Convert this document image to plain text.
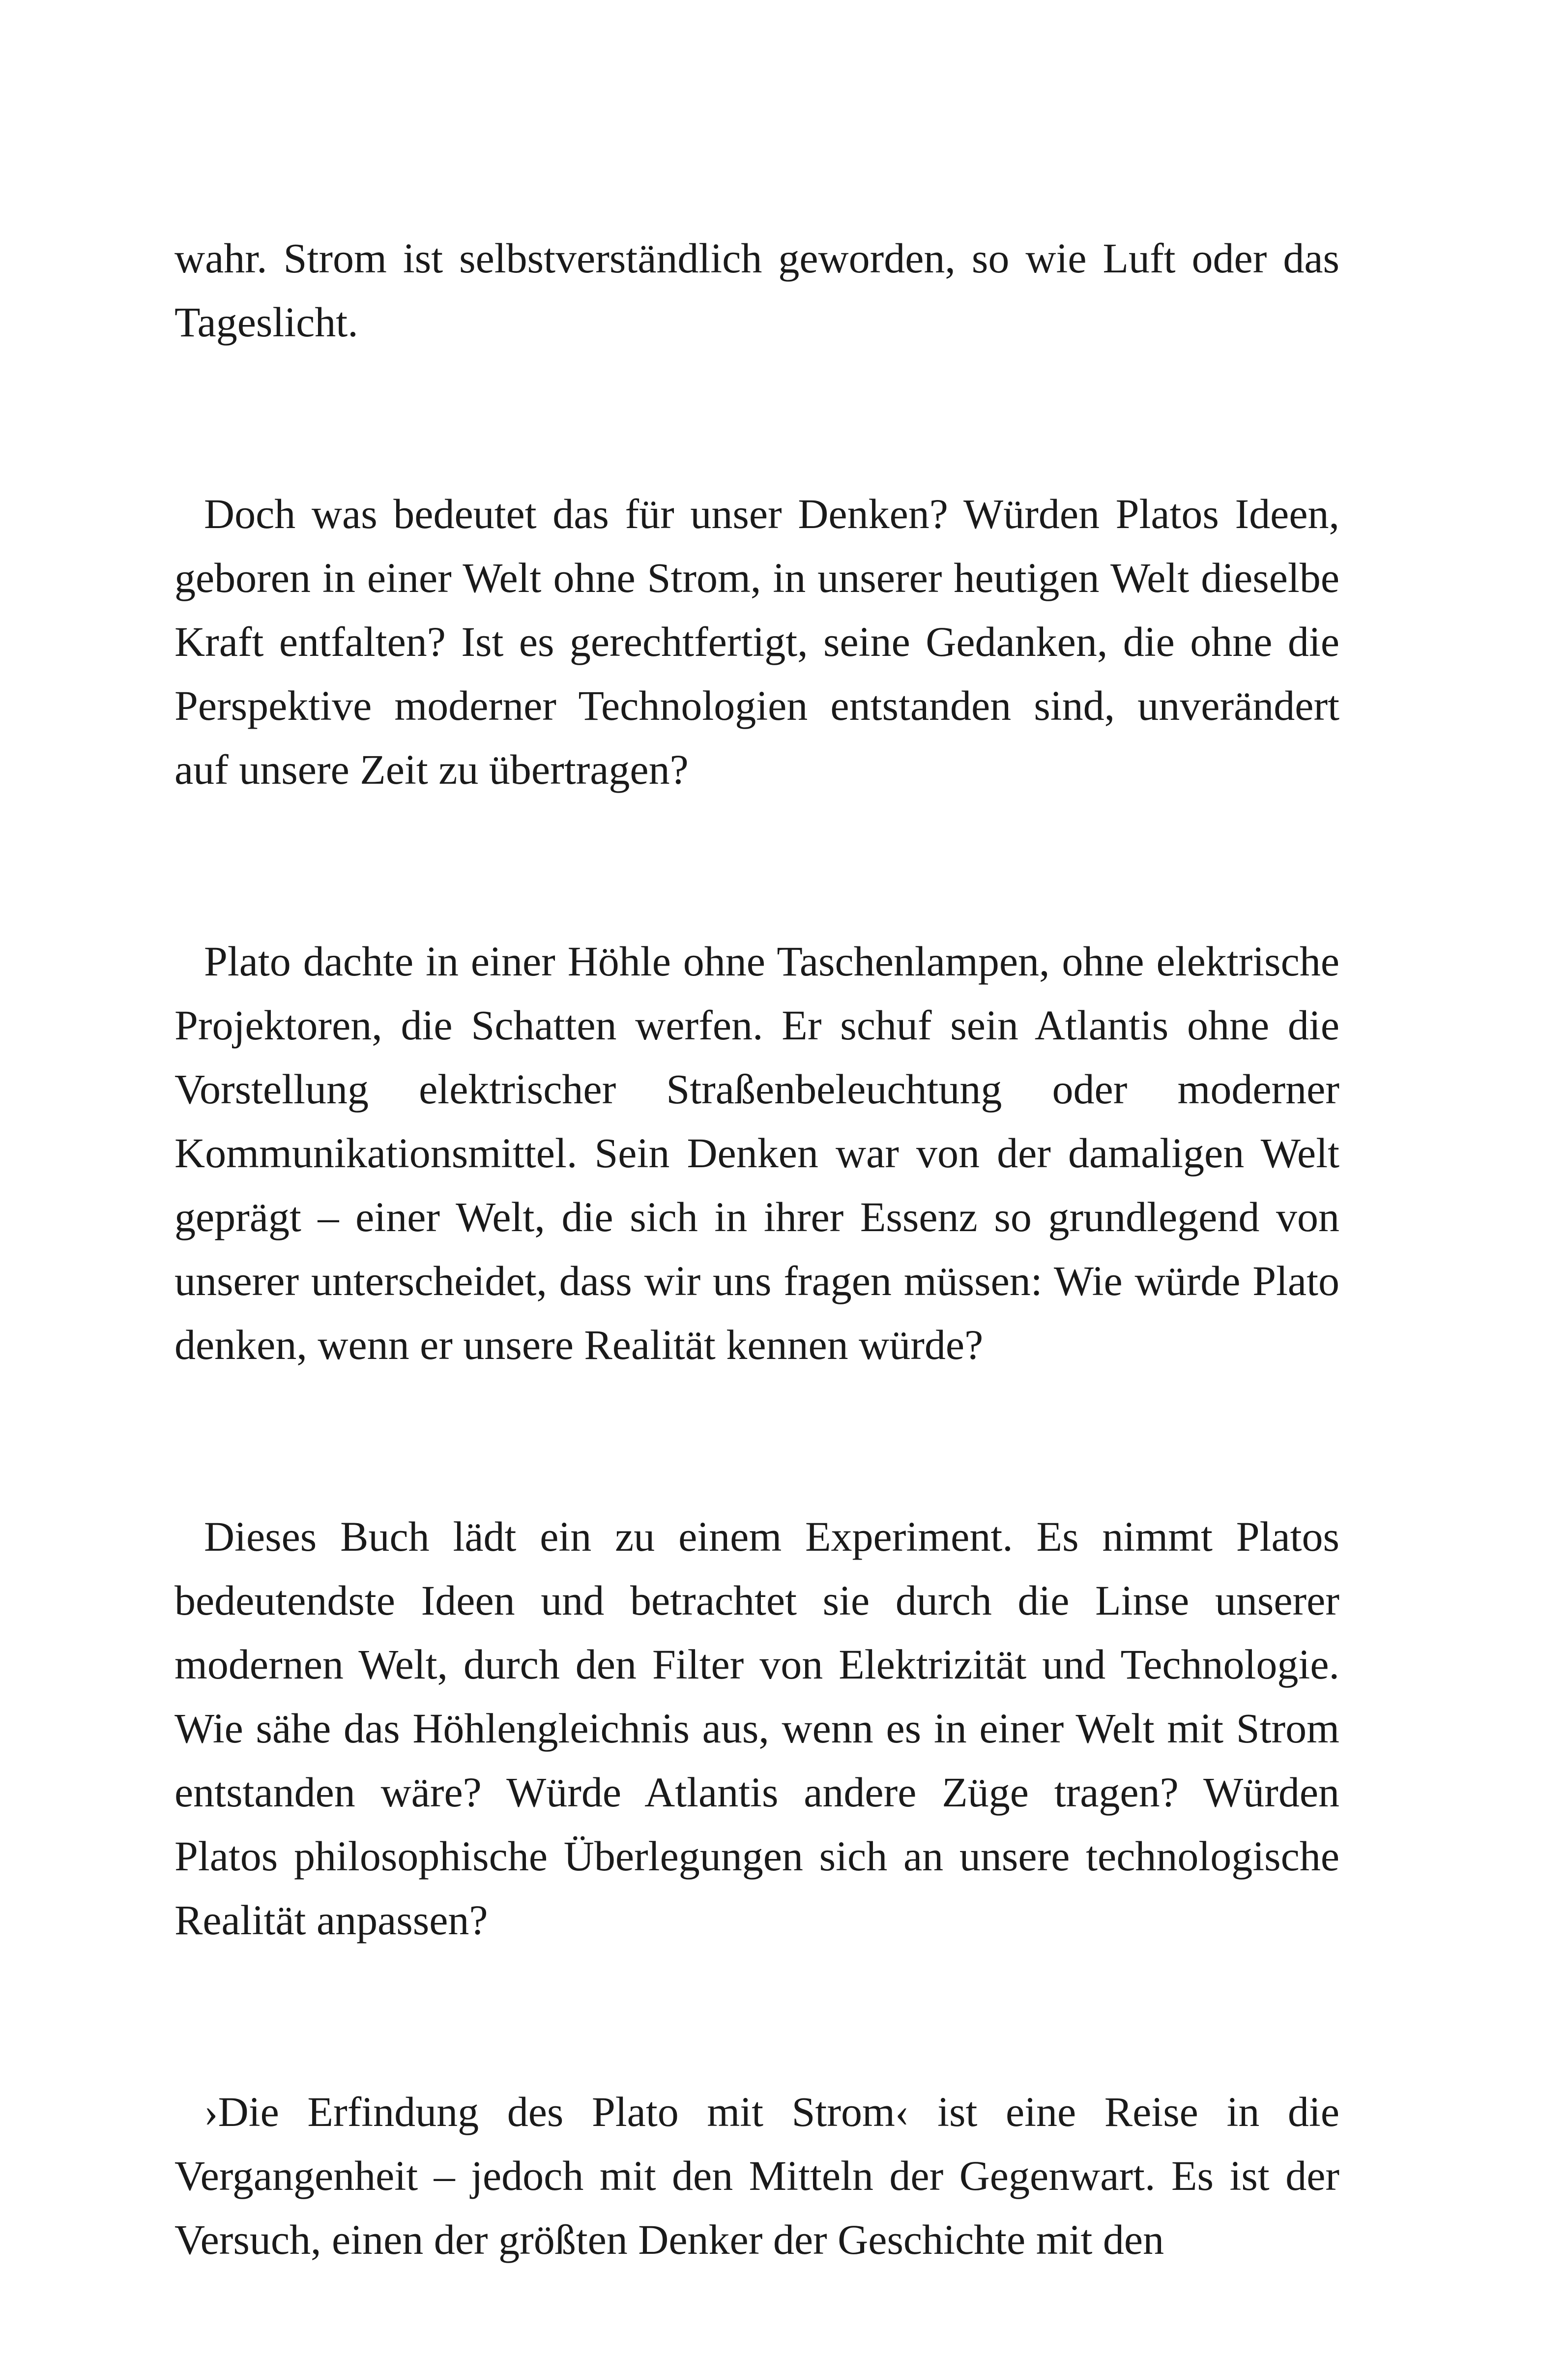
wahr. Strom ist selbstverständlich geworden, so wie Luft oder das Tageslicht.

Doch was bedeutet das für unser Denken? Würden Platos Ideen, geboren in einer Welt ohne Strom, in unserer heutigen Welt dieselbe Kraft entfalten? Ist es gerechtfertigt, seine Gedanken, die ohne die Perspektive moderner Technologien entstanden sind, unverändert auf unsere Zeit zu übertragen?

Plato dachte in einer Höhle ohne Taschenlampen, ohne elektrische Projektoren, die Schatten werfen. Er schuf sein Atlantis ohne die Vorstellung elektrischer Straßenbeleuchtung oder moderner Kommunikationsmittel. Sein Denken war von der damaligen Welt geprägt – einer Welt, die sich in ihrer Essenz so grundlegend von unserer unterscheidet, dass wir uns fragen müssen: Wie würde Plato denken, wenn er unsere Realität kennen würde?

Dieses Buch lädt ein zu einem Experiment. Es nimmt Platos bedeutendste Ideen und betrachtet sie durch die Linse unserer modernen Welt, durch den Filter von Elektrizität und Technologie. Wie sähe das Höhlengleichnis aus, wenn es in einer Welt mit Strom entstanden wäre? Würde Atlantis andere Züge tragen? Würden Platos philosophische Überlegungen sich an unsere technologische Realität anpassen?

›Die Erfindung des Plato mit Strom‹ ist eine Reise in die Vergangenheit – jedoch mit den Mitteln der Gegenwart. Es ist der Versuch, einen der größten Denker der Geschichte mit den
